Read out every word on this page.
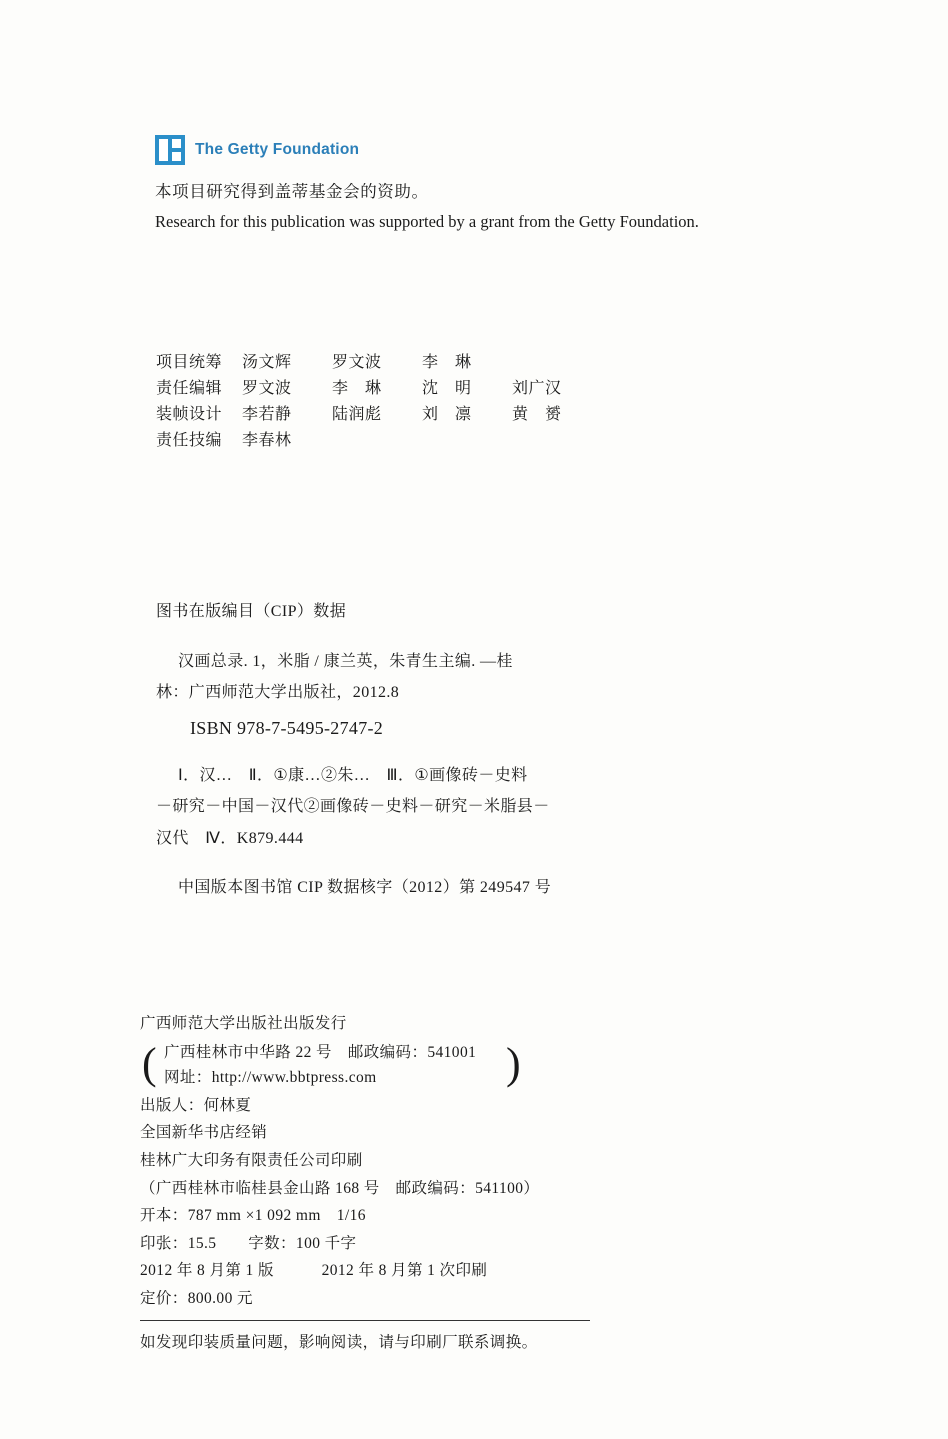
The Getty Foundation
本项目研究得到盖蒂基金会的资助。
Research for this publication was supported by a grant from the Getty Foundation.
项目统筹	汤文辉	罗文波	李　琳
责任编辑	罗文波	李　琳	沈　明	刘广汉
装帧设计	李若静	陆润彪	刘　凛	黄　赟
责任技编	李春林
图书在版编目（CIP）数据
汉画总录. 1，米脂 / 康兰英，朱青生主编. —桂
林：广西师范大学出版社，2012.8
ISBN 978-7-5495-2747-2
Ⅰ．汉…　Ⅱ．①康…②朱…　Ⅲ．①画像砖－史料
－研究－中国－汉代②画像砖－史料－研究－米脂县－
汉代　Ⅳ．K879.444
中国版本图书馆 CIP 数据核字（2012）第 249547 号
广西师范大学出版社出版发行
(	)
广西桂林市中华路 22 号　邮政编码：541001
网址：http://www.bbtpress.com
出版人：何林夏
全国新华书店经销
桂林广大印务有限责任公司印刷
（广西桂林市临桂县金山路 168 号　邮政编码：541100）
开本：787 mm ×1 092 mm　1/16
印张：15.5　　字数：100 千字
2012 年 8 月第 1 版　　　2012 年 8 月第 1 次印刷
定价：800.00 元
如发现印装质量问题，影响阅读，请与印刷厂联系调换。
